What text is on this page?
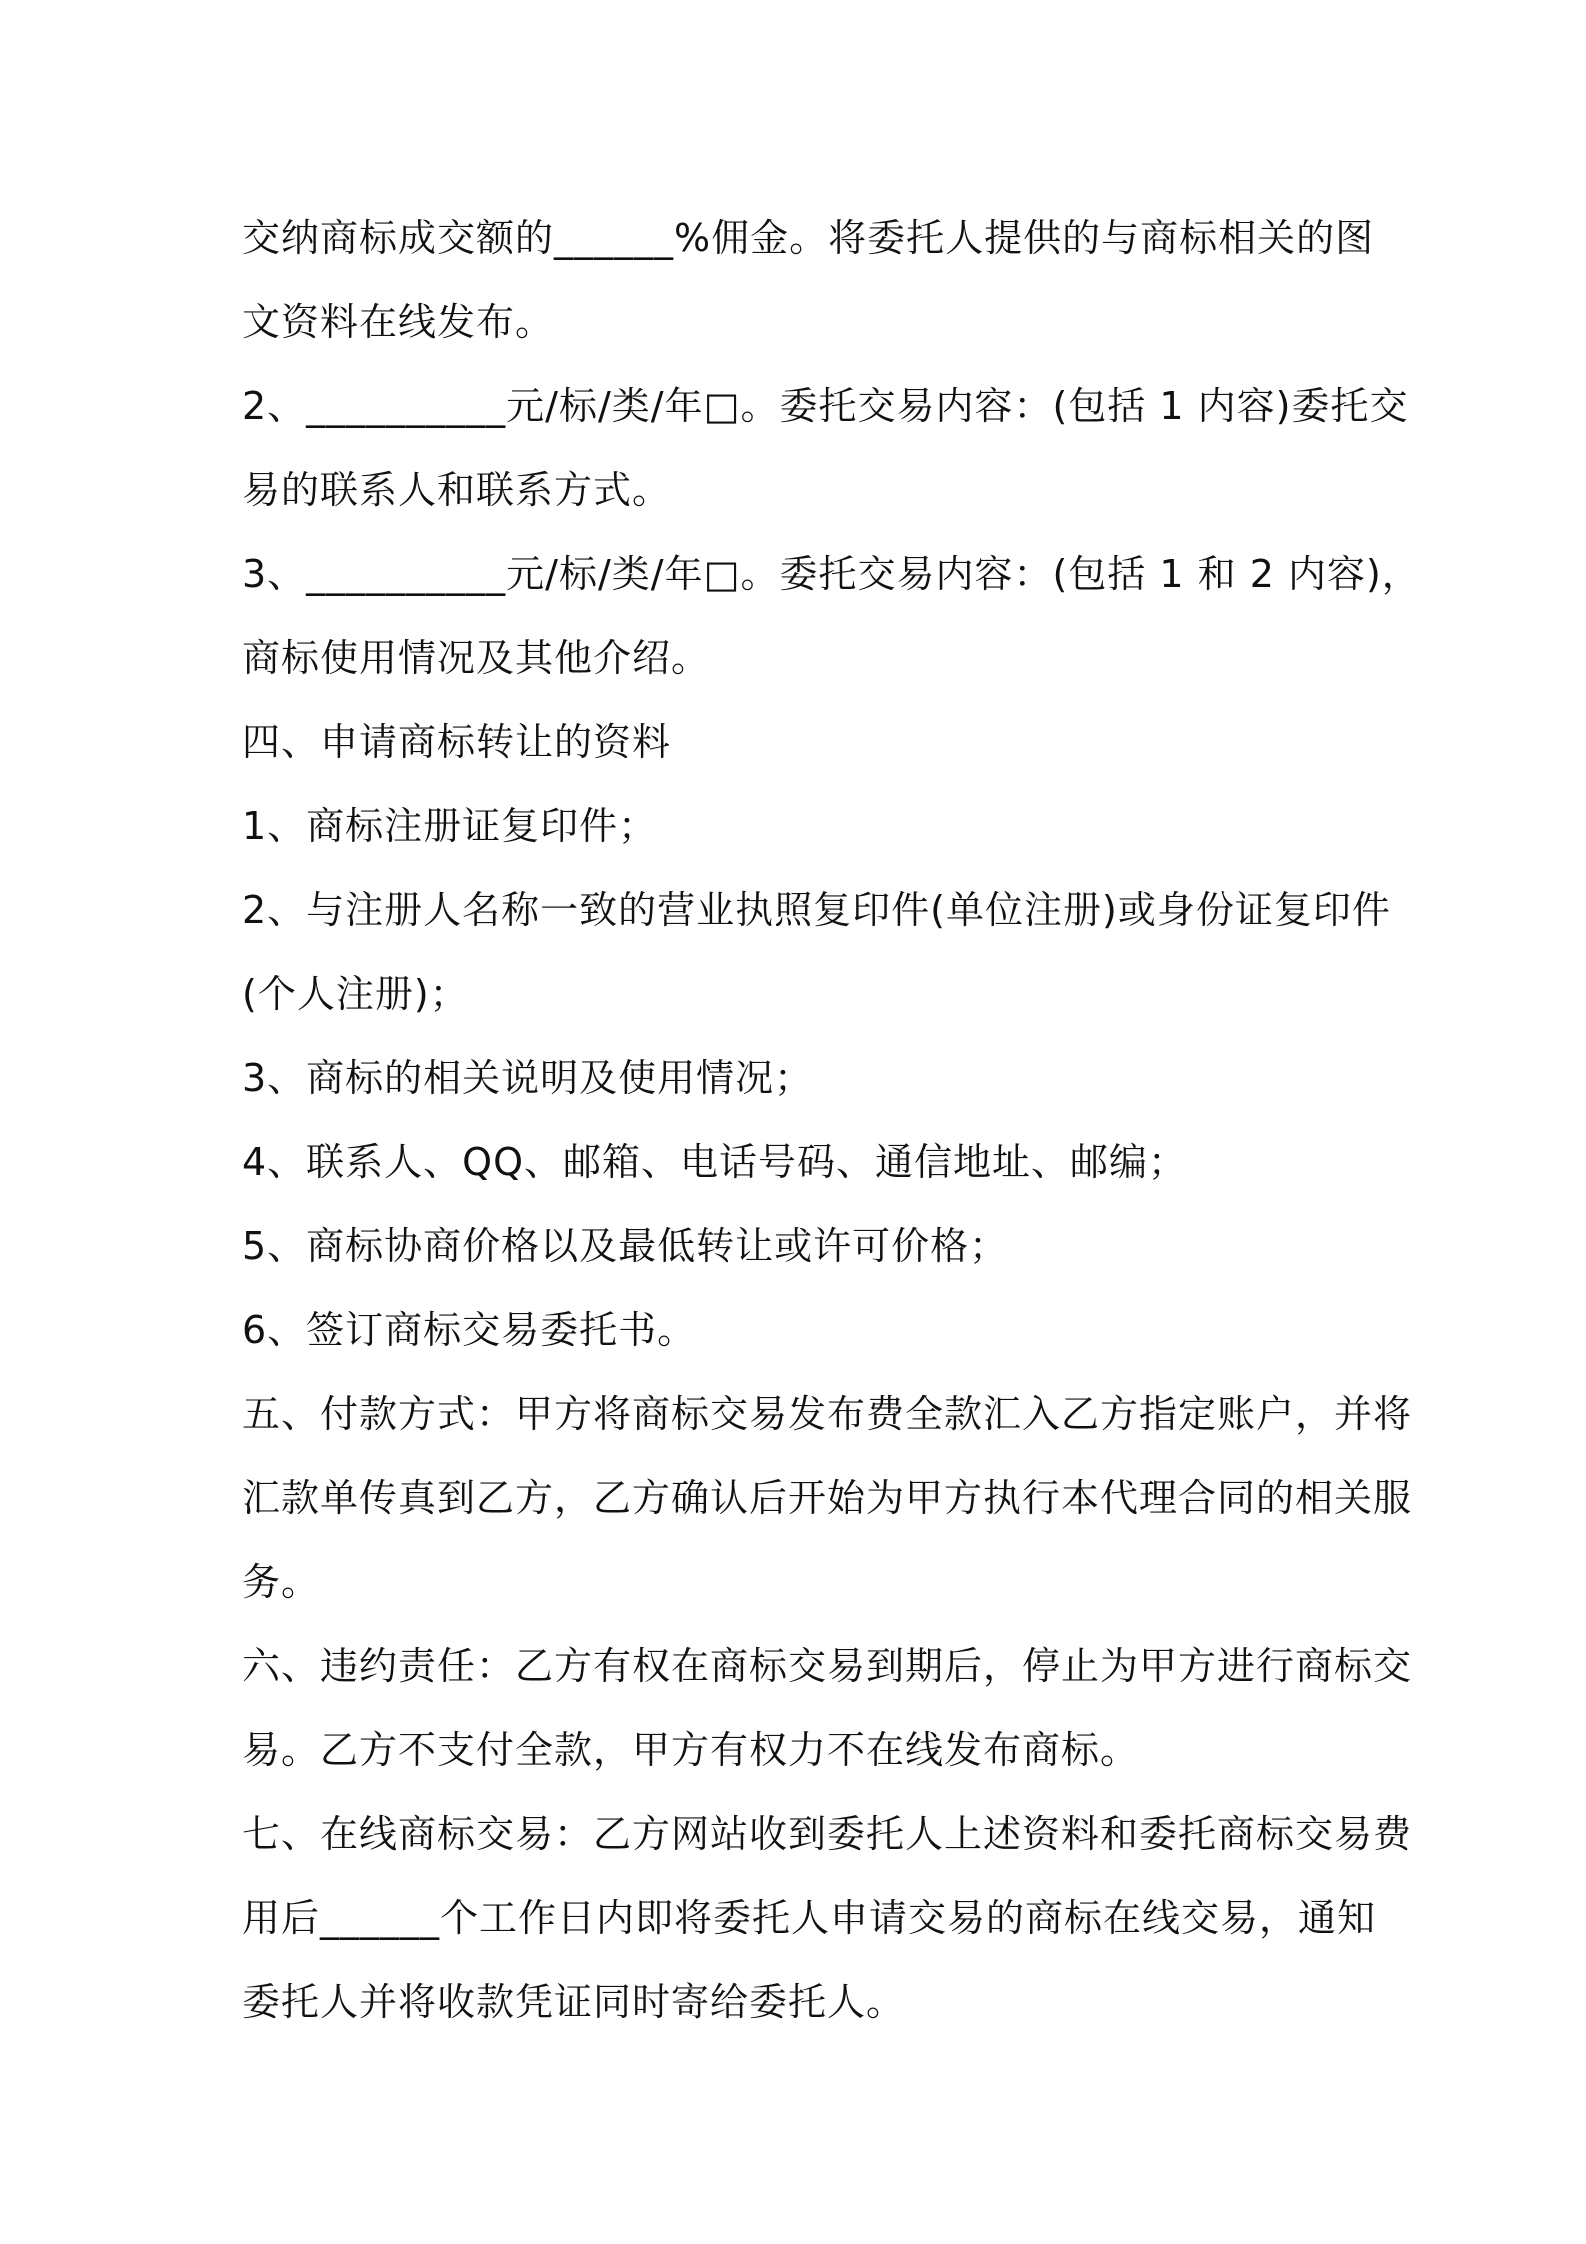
交纳商标成交额的______%佣金。将委托人提供的与商标相关的图
文资料在线发布。
2、__________元/标/类/年□。委托交易内容：(包括 1 内容)委托交
易的联系人和联系方式。
3、__________元/标/类/年□。委托交易内容：(包括 1 和 2 内容)，
商标使用情况及其他介绍。
四、申请商标转让的资料
1、商标注册证复印件；
2、与注册人名称一致的营业执照复印件(单位注册)或身份证复印件
(个人注册)；
3、商标的相关说明及使用情况；
4、联系人、QQ、邮箱、电话号码、通信地址、邮编；
5、商标协商价格以及最低转让或许可价格；
6、签订商标交易委托书。
五、付款方式：甲方将商标交易发布费全款汇入乙方指定账户，并将
汇款单传真到乙方，乙方确认后开始为甲方执行本代理合同的相关服
务。
六、违约责任：乙方有权在商标交易到期后，停止为甲方进行商标交
易。乙方不支付全款，甲方有权力不在线发布商标。
七、在线商标交易：乙方网站收到委托人上述资料和委托商标交易费
用后______个工作日内即将委托人申请交易的商标在线交易，通知
委托人并将收款凭证同时寄给委托人。
